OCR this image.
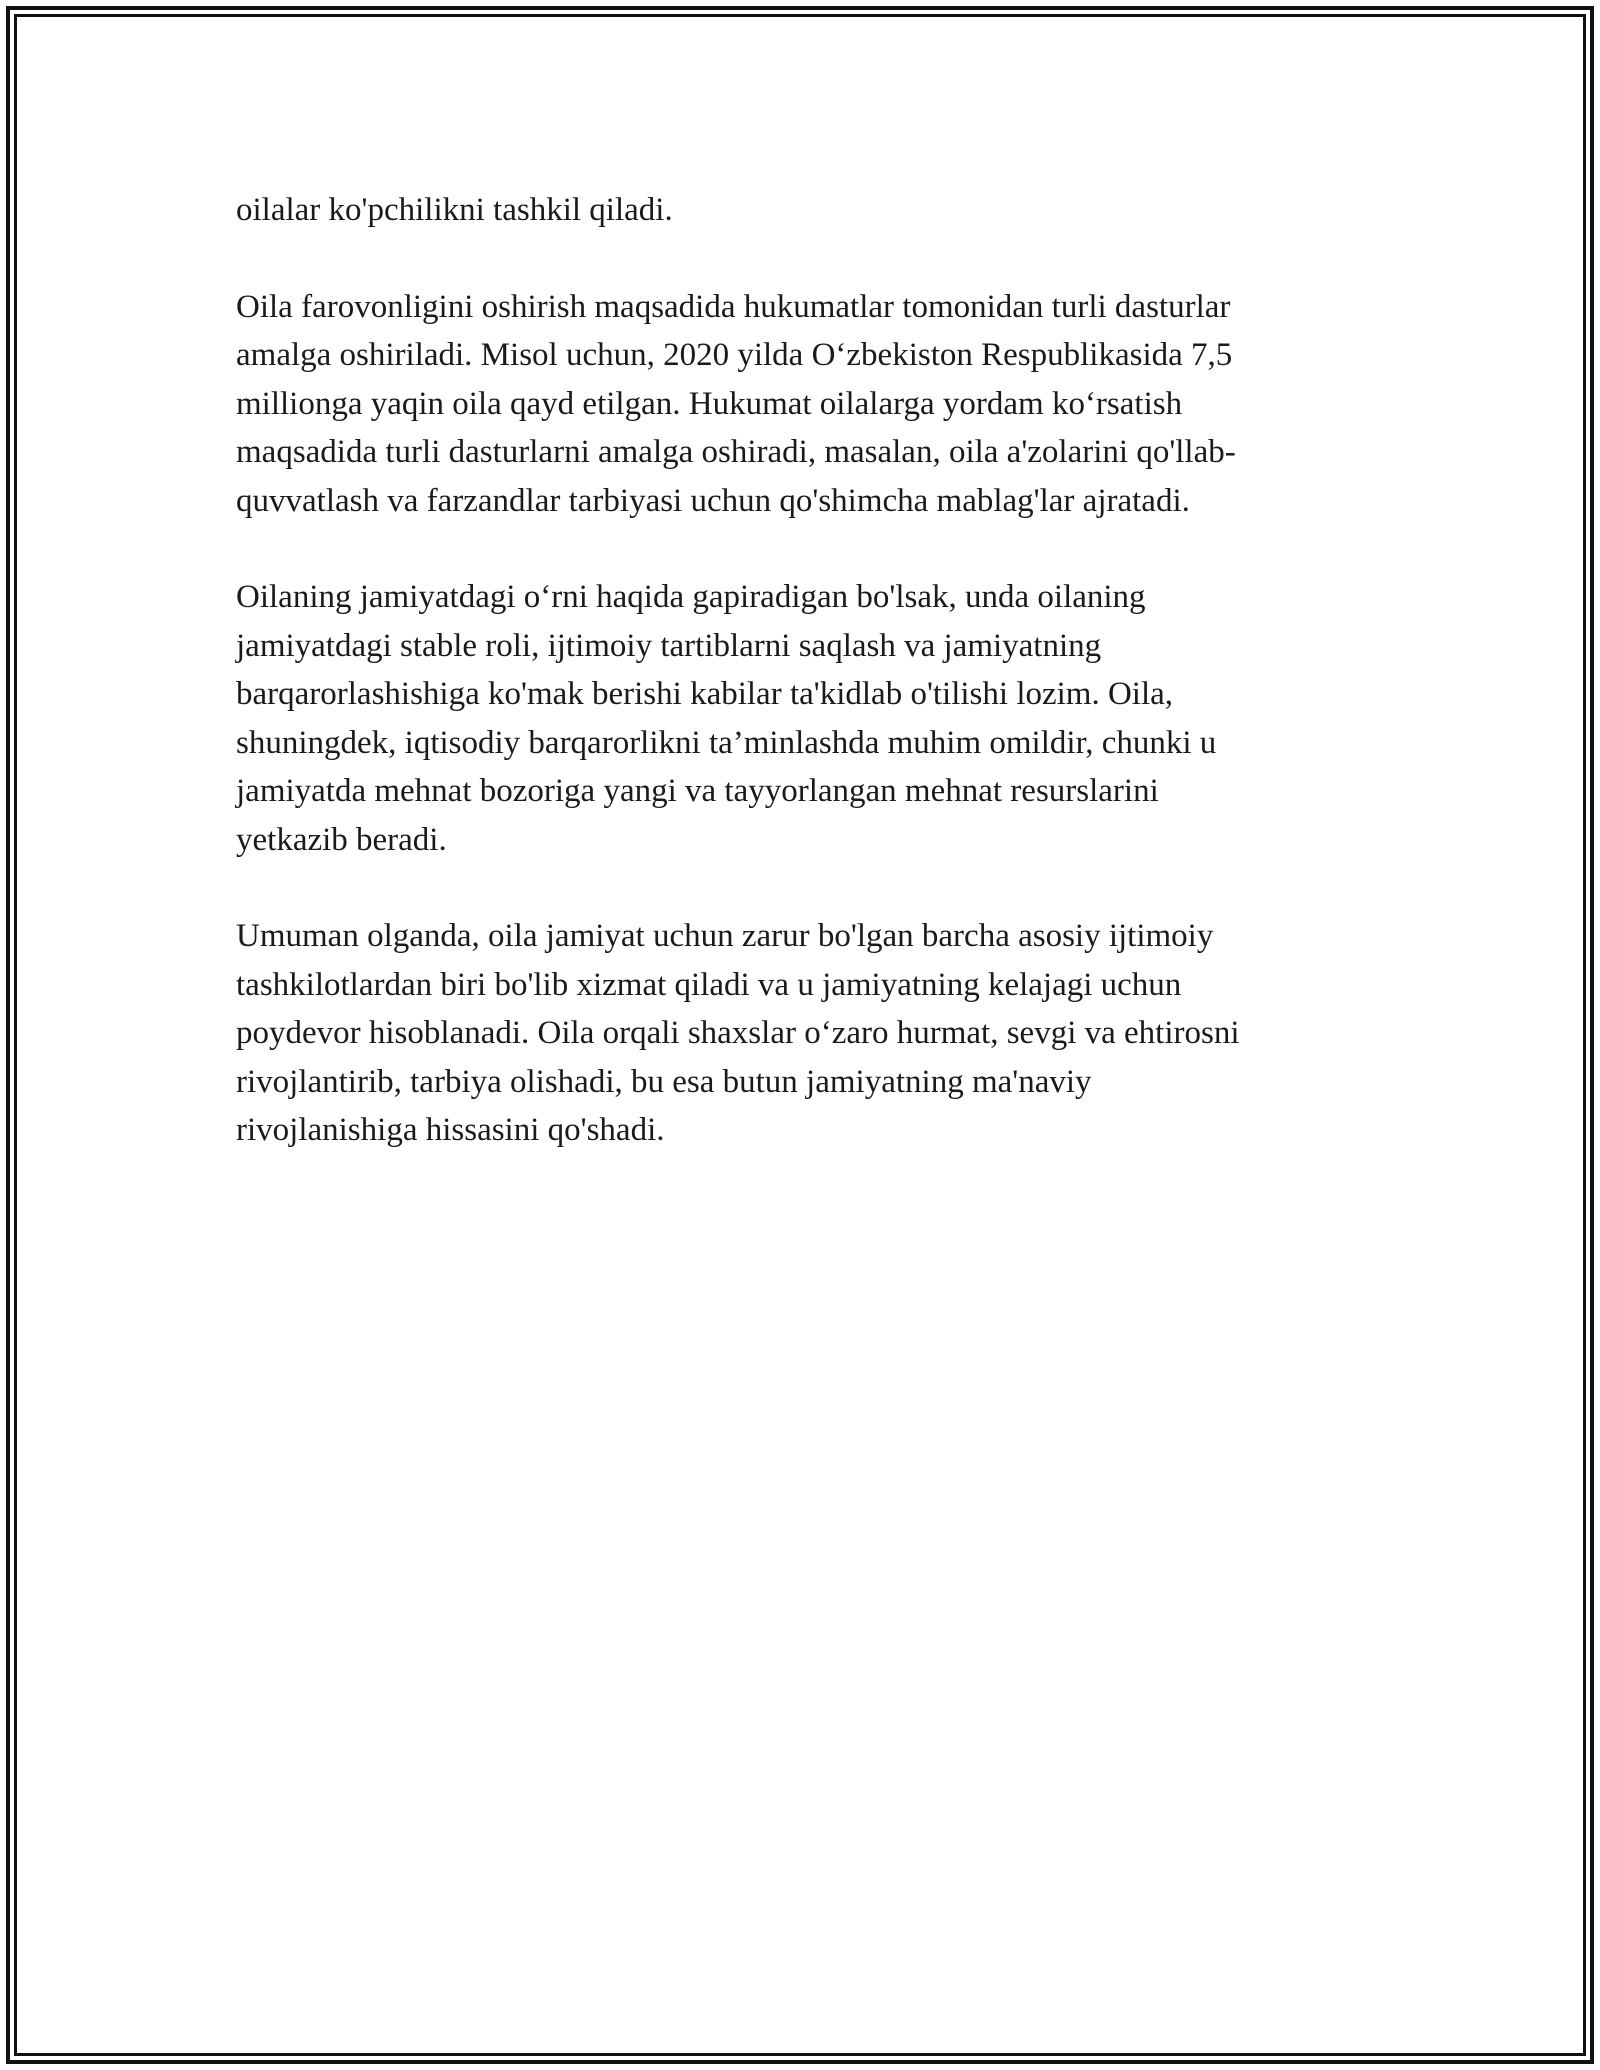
oilalar ko'pchilikni tashkil qiladi.

Oila farovonligini oshirish maqsadida hukumatlar tomonidan turli dasturlar
amalga oshiriladi. Misol uchun, 2020 yilda O‘zbekiston Respublikasida 7,5
millionga yaqin oila qayd etilgan. Hukumat oilalarga yordam ko‘rsatish
maqsadida turli dasturlarni amalga oshiradi, masalan, oila a'zolarini qo'llab-
quvvatlash va farzandlar tarbiyasi uchun qo'shimcha mablag'lar ajratadi.

Oilaning jamiyatdagi o‘rni haqida gapiradigan bo'lsak, unda oilaning
jamiyatdagi stable roli, ijtimoiy tartiblarni saqlash va jamiyatning
barqarorlashishiga ko'mak berishi kabilar ta'kidlab o'tilishi lozim. Oila,
shuningdek, iqtisodiy barqarorlikni ta’minlashda muhim omildir, chunki u
jamiyatda mehnat bozoriga yangi va tayyorlangan mehnat resurslarini
yetkazib beradi.

Umuman olganda, oila jamiyat uchun zarur bo'lgan barcha asosiy ijtimoiy
tashkilotlardan biri bo'lib xizmat qiladi va u jamiyatning kelajagi uchun
poydevor hisoblanadi. Oila orqali shaxslar o‘zaro hurmat, sevgi va ehtirosni
rivojlantirib, tarbiya olishadi, bu esa butun jamiyatning ma'naviy
rivojlanishiga hissasini qo'shadi.
